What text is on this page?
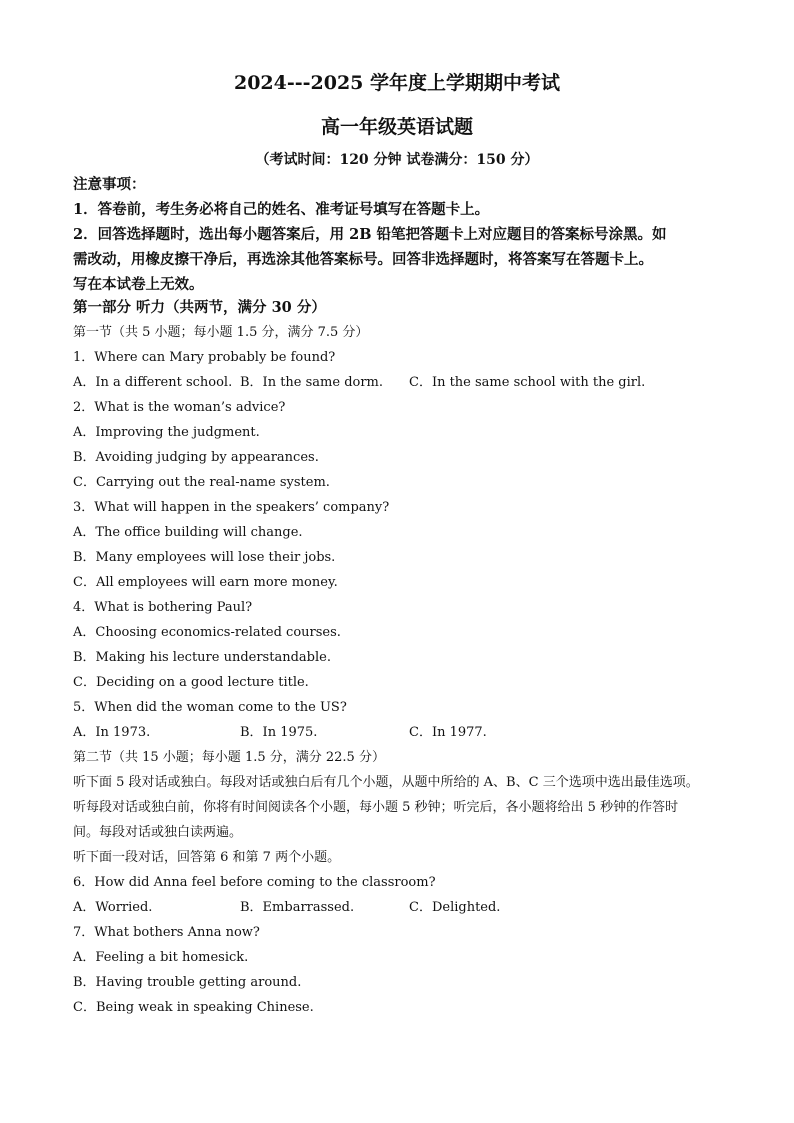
2024---2025 学年度上学期期中考试
高一年级英语试题
（考试时间：120 分钟 试卷满分：150 分）
注意事项：
1．答卷前，考生务必将自己的姓名、准考证号填写在答题卡上。
2．回答选择题时，选出每小题答案后，用 2B 铅笔把答题卡上对应题目的答案标号涂黑。如
需改动，用橡皮擦干净后，再选涂其他答案标号。回答非选择题时，将答案写在答题卡上。
写在本试卷上无效。
第一部分 听力（共两节，满分 30 分）
第一节（共 5 小题；每小题 1.5 分，满分 7.5 分）
1．Where can Mary probably be found?
A．In a different school. B．In the same dorm. C．In the same school with the girl.
2．What is the woman’s advice?
A．Improving the judgment.
B．Avoiding judging by appearances.
C．Carrying out the real-name system.
3．What will happen in the speakers’ company?
A．The office building will change.
B．Many employees will lose their jobs.
C．All employees will earn more money.
4．What is bothering Paul?
A．Choosing economics-related courses.
B．Making his lecture understandable.
C．Deciding on a good lecture title.
5．When did the woman come to the US?
A．In 1973.	B．In 1975.	C．In 1977.
第二节（共 15 小题；每小题 1.5 分，满分 22.5 分）
听下面 5 段对话或独白。每段对话或独白后有几个小题，从题中所给的 A、B、C 三个选项中选出最佳选项。
听每段对话或独白前，你将有时间阅读各个小题，每小题 5 秒钟；听完后，各小题将给出 5 秒钟的作答时
间。每段对话或独白读两遍。
听下面一段对话，回答第 6 和第 7 两个小题。
6．How did Anna feel before coming to the classroom?
A．Worried.	B．Embarrassed.	C．Delighted.
7．What bothers Anna now?
A．Feeling a bit homesick.
B．Having trouble getting around.
C．Being weak in speaking Chinese.
